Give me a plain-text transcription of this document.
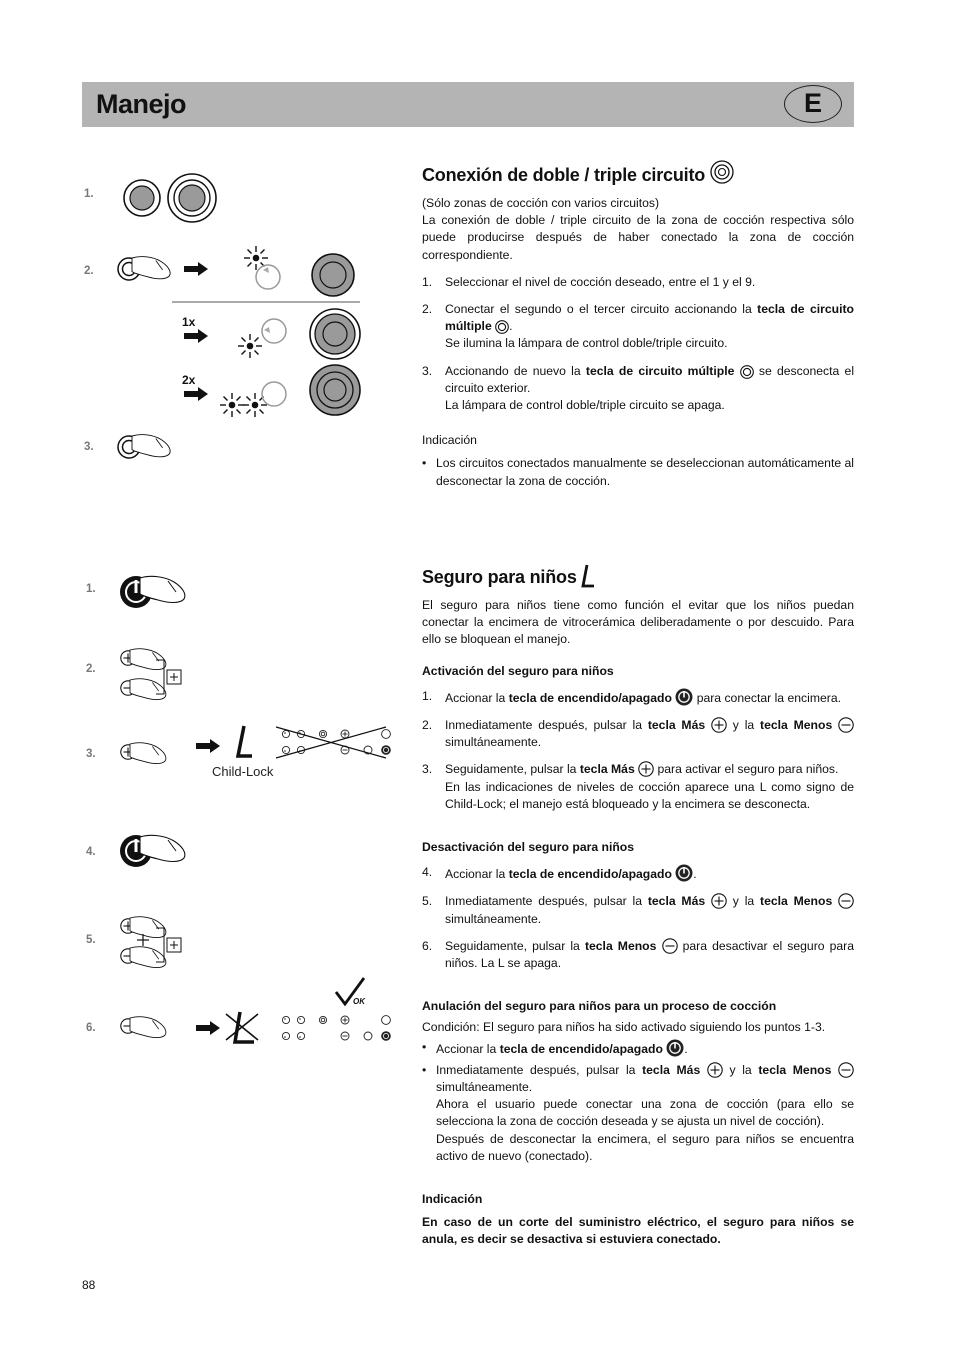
Manejo	E
1.
2.
3.
1x
2x
1.
2.
3.
4.
5.
6.
Child-Lock
OK
Conexión de doble / triple circuito

(Sólo zonas de cocción con varios circuitos)

La conexión de doble / triple circuito de la zona de cocción respectiva sólo puede producirse después de haber conectado la zona de cocción correspondiente.

1. Seleccionar el nivel de cocción deseado, entre el 1 y el 9.
2. Conectar el segundo o el tercer circuito accionando la tecla de circuito múltiple .
Se ilumina la lámpara de control doble/triple circuito.
3. Accionando de nuevo la tecla de circuito múltiple se desconecta el circuito exterior.
La lámpara de control doble/triple circuito se apaga.

Indicación

• Los circuitos conectados manualmente se deseleccionan automáticamente al desconectar la zona de cocción.
Seguro para niños

El seguro para niños tiene como función el evitar que los niños puedan conectar la encimera de vitrocerámica deliberadamente o por descuido. Para ello se bloquean el manejo.

Activación del seguro para niños
1. Accionar la tecla de encendido/apagado para conectar la encimera.
2. Inmediatamente después, pulsar la tecla Más y la tecla Menos  simultáneamente.
3. Seguidamente, pulsar la tecla Más para activar el seguro para niños.
En las indicaciones de niveles de cocción aparece una L como signo de Child-Lock; el manejo está bloqueado y la encimera se desconecta.
Desactivación del seguro para niños
4. Accionar la tecla de encendido/apagado .
5. Inmediatamente después, pulsar la tecla Más y la tecla Menos  simultáneamente.
6. Seguidamente, pulsar la tecla Menos para desactivar el seguro para niños. La L se apaga.
Anulación del seguro para niños para un proceso de cocción

Condición: El seguro para niños ha sido activado siguiendo los puntos 1-3.

• Accionar la tecla de encendido/apagado .
• Inmediatamente después, pulsar la tecla Más y la tecla Menos  simultáneamente.
Ahora el usuario puede conectar una zona de cocción (para ello se selecciona la zona de cocción deseada y se ajusta un nivel de cocción).
Después de desconectar la encimera, el seguro para niños se encuentra activo de nuevo (conectado).
Indicación

En caso de un corte del suministro eléctrico, el seguro para niños se anula, es decir se desactiva si estuviera conectado.

88
